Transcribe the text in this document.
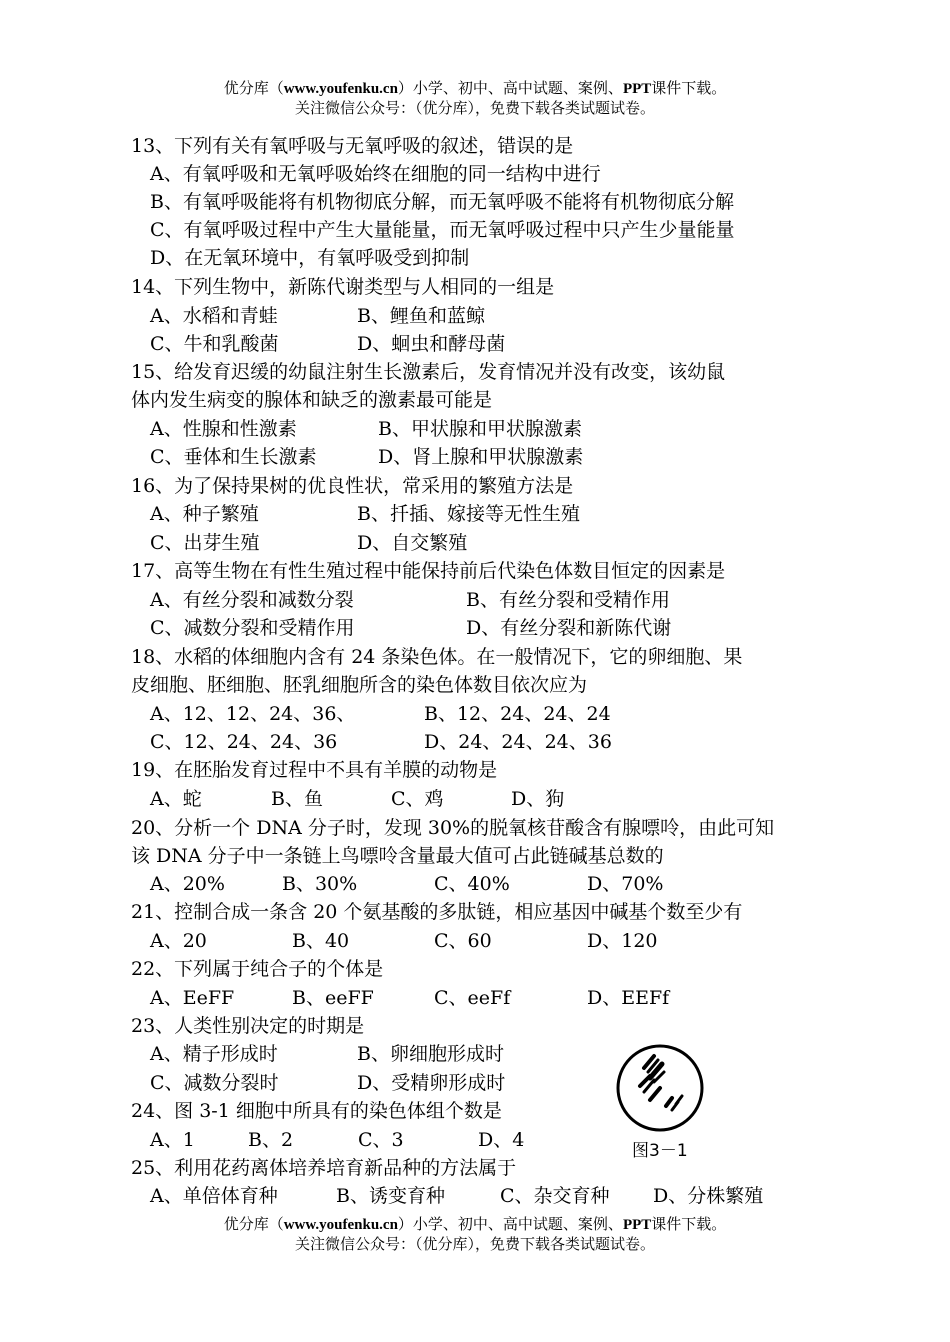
优分库（www.youfenku.cn）小学、初中、高中试题、案例、PPT课件下载。
关注微信公众号：（优分库），免费下载各类试题试卷。
13、下列有关有氧呼吸与无氧呼吸的叙述，错误的是
A、有氧呼吸和无氧呼吸始终在细胞的同一结构中进行
B、有氧呼吸能将有机物彻底分解，而无氧呼吸不能将有机物彻底分解
C、有氧呼吸过程中产生大量能量，而无氧呼吸过程中只产生少量能量
D、在无氧环境中，有氧呼吸受到抑制
14、下列生物中，新陈代谢类型与人相同的一组是
A、水稻和青蛙	B、鲤鱼和蓝鲸
C、牛和乳酸菌	D、蛔虫和酵母菌
15、给发育迟缓的幼鼠注射生长激素后，发育情况并没有改变，该幼鼠
体内发生病变的腺体和缺乏的激素最可能是
A、性腺和性激素	B、甲状腺和甲状腺激素
C、垂体和生长激素	D、肾上腺和甲状腺激素
16、为了保持果树的优良性状，常采用的繁殖方法是
A、种子繁殖	B、扦插、嫁接等无性生殖
C、出芽生殖	D、自交繁殖
17、高等生物在有性生殖过程中能保持前后代染色体数目恒定的因素是
A、有丝分裂和减数分裂	B、有丝分裂和受精作用
C、减数分裂和受精作用	D、有丝分裂和新陈代谢
18、水稻的体细胞内含有 24 条染色体。在一般情况下，它的卵细胞、果
皮细胞、胚细胞、胚乳细胞所含的染色体数目依次应为
A、12、12、24、36、	B、12、24、24、24
C、12、24、24、36	D、24、24、24、36
19、在胚胎发育过程中不具有羊膜的动物是
A、蛇	B、鱼	C、鸡	D、狗
20、分析一个 DNA 分子时，发现 30%的脱氧核苷酸含有腺嘌呤，由此可知
该 DNA 分子中一条链上鸟嘌呤含量最大值可占此链碱基总数的
A、20%	B、30%	C、40%	D、70%
21、控制合成一条含 20 个氨基酸的多肽链，相应基因中碱基个数至少有
A、20	B、40	C、60	D、120
22、下列属于纯合子的个体是
A、EeFF	B、eeFF	C、eeFf	D、EEFf
23、人类性别决定的时期是
A、精子形成时	B、卵细胞形成时
C、减数分裂时	D、受精卵形成时
24、图 3-1 细胞中所具有的染色体组个数是
A、1	B、2	C、3	D、4
25、利用花药离体培养培育新品种的方法属于
A、单倍体育种	B、诱变育种	C、杂交育种 D、分株繁殖
图3－1
优分库（www.youfenku.cn）小学、初中、高中试题、案例、PPT课件下载。
关注微信公众号：（优分库），免费下载各类试题试卷。
